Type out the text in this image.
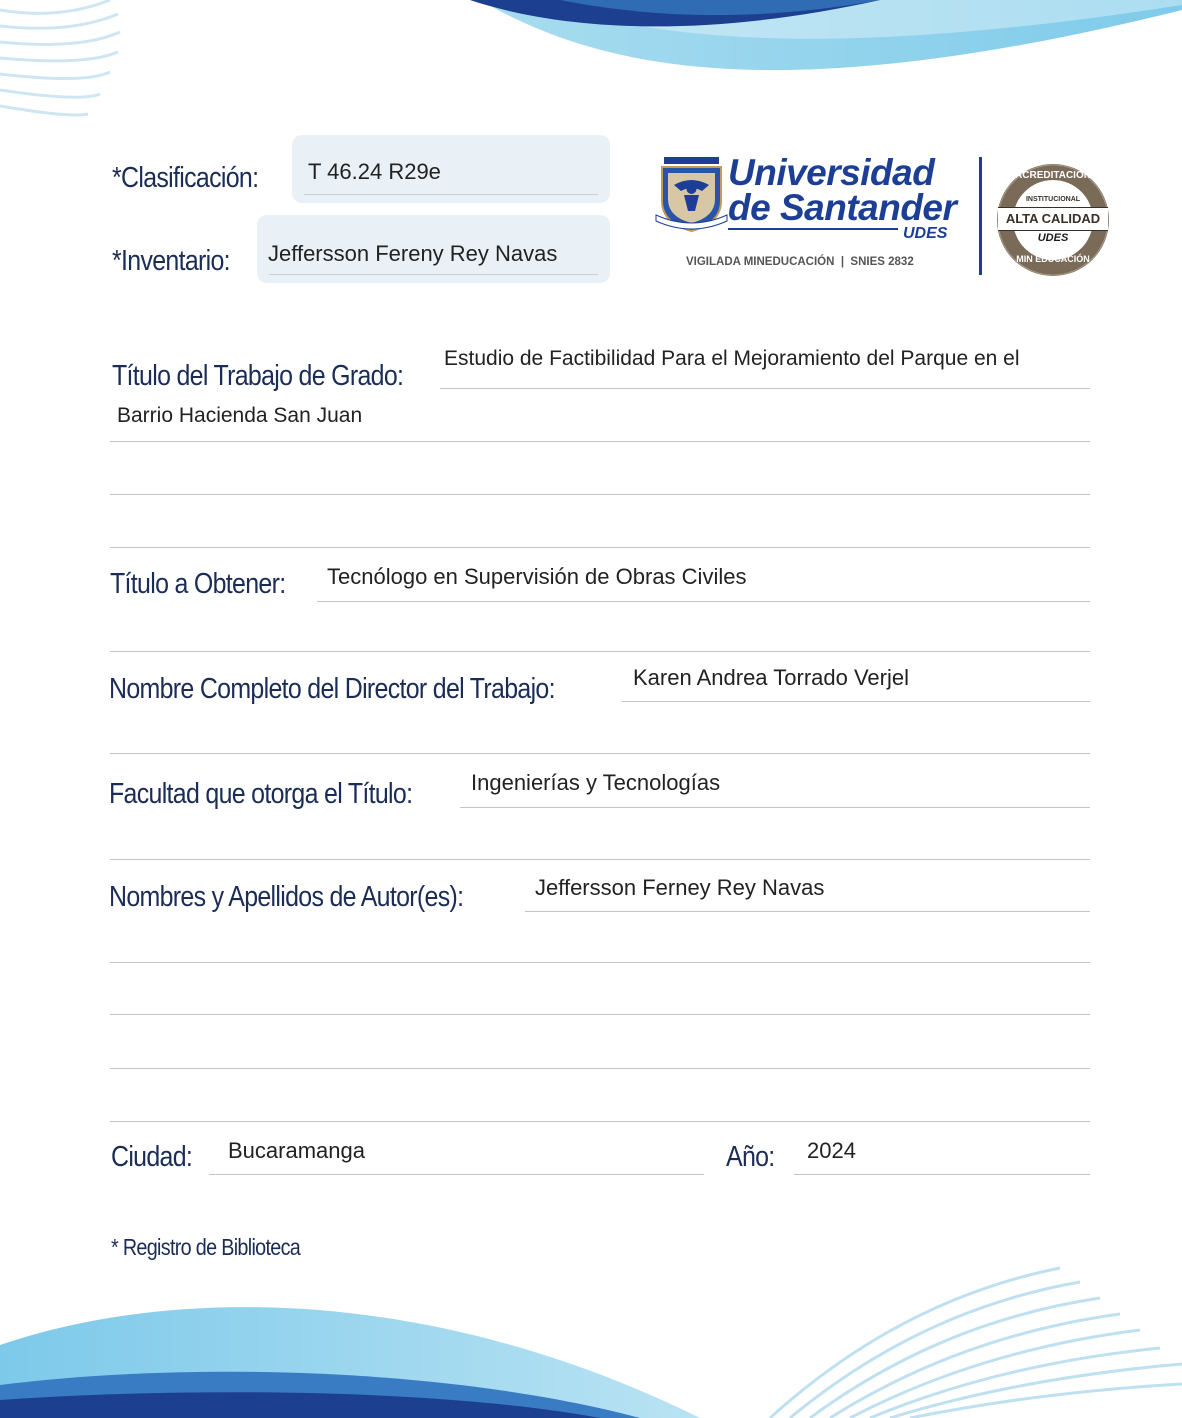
*Clasificación: T 46.24 R29e
*Inventario: Jeffersson Fereny Rey Navas
Universidad
de Santander
UDES
VIGILADA MINEDUCACIÓN  |  SNIES 2832
ACREDITACIÓN
INSTITUCIONAL
ALTA CALIDAD
UDES
MIN EDUCACIÓN
Título del Trabajo de Grado:
Estudio de Factibilidad Para el Mejoramiento del Parque en el
Barrio Hacienda San Juan
Título a Obtener: Tecnólogo en Supervisión de Obras Civiles
Nombre Completo del Director del Trabajo:	Karen Andrea Torrado Verjel
Facultad que otorga el Título:	Ingenierías y Tecnologías
Nombres y Apellidos de Autor(es):	Jeffersson Ferney Rey Navas
Ciudad: Bucaramanga	Año: 2024
* Registro de Biblioteca
